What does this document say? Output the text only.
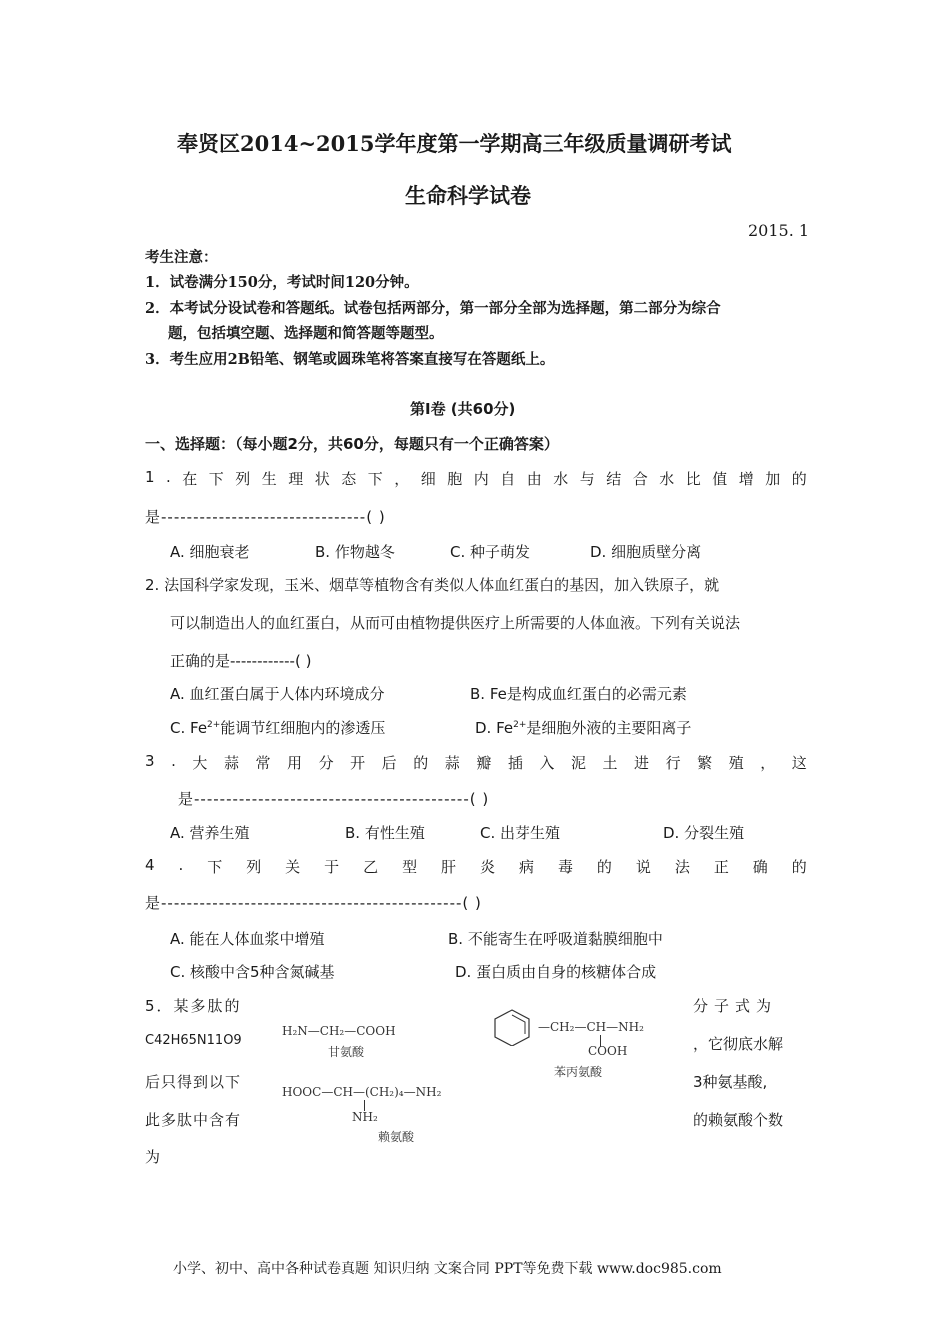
奉贤区2014~2015学年度第一学期高三年级质量调研考试
生命科学试卷
2015. 1
考生注意：
1．试卷满分150分，考试时间120分钟。
2．本考试分设试卷和答题纸。试卷包括两部分，第一部分全部为选择题，第二部分为综合
题，包括填空题、选择题和简答题等题型。
3．考生应用2B铅笔、钢笔或圆珠笔将答案直接写在答题纸上。
第Ⅰ卷 (共60分)
一、选择题：（每小题2分，共60分，每题只有一个正确答案）
1 . 在 下 列 生 理 状 态 下 ， 细 胞 内 自 由 水 与 结 合 水 比 值 增 加 的
是--------------------------------( )
A. 细胞衰老	B. 作物越冬	C. 种子萌发	D. 细胞质壁分离
2. 法国科学家发现，玉米、烟草等植物含有类似人体血红蛋白的基因，加入铁原子，就
可以制造出人的血红蛋白，从而可由植物提供医疗上所需要的人体血液。下列有关说法
正确的是------------( )
A. 血红蛋白属于人体内环境成分	B. Fe是构成血红蛋白的必需元素
C. $Fe^{2+}$能调节红细胞内的渗透压	D. $Fe^{2+}$是细胞外液的主要阳离子
3 . 大 蒜 常 用 分 开 后 的 蒜 瓣 插 入 泥 土 进 行 繁 殖 ， 这
是-------------------------------------------( )
A. 营养生殖	B. 有性生殖	C. 出芽生殖	D. 分裂生殖
4 . 下 列 关 于 乙 型 肝 炎 病 毒 的 说 法 正 确 的
是-----------------------------------------------( )
A. 能在人体血浆中增殖	B. 不能寄生在呼吸道黏膜细胞中
C. 核酸中含5种含氮碱基	D. 蛋白质由自身的核糖体合成
5．某多肽的	分子式为
C42H65N11O9	，它彻底水解
后只得到以下	3种氨基酸,
此多肽中含有	的赖氨酸个数
为
H₂N—CH₂—COOH
甘氨酸
—CH₂—CH—NH₂
COOH
苯丙氨酸
HOOC—CH—(CH₂)₄—NH₂
NH₂
赖氨酸
小学、初中、高中各种试卷真题 知识归纳 文案合同 PPT等免费下载 www.doc985.com
